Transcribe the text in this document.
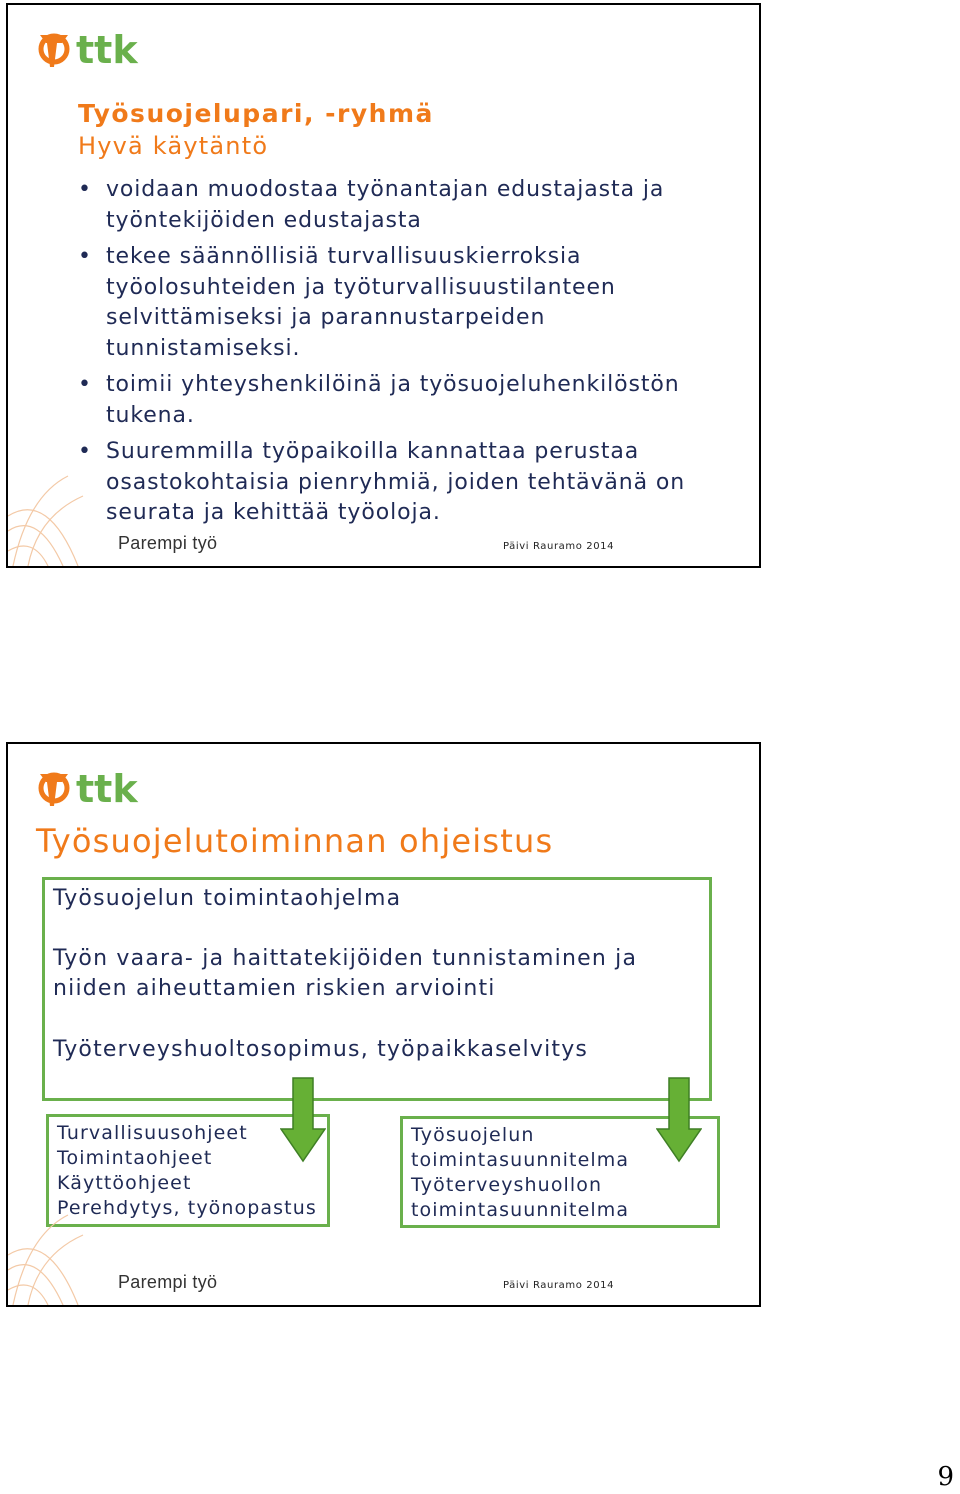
ttk
Työsuojelupari, -ryhmä
Hyvä käytäntö
• voidaan muodostaa työnantajan edustajasta ja
työntekijöiden edustajasta
• tekee säännöllisiä turvallisuuskierroksia
työolosuhteiden ja työturvallisuustilanteen
selvittämiseksi ja parannustarpeiden
tunnistamiseksi.
• toimii yhteyshenkilöinä ja työsuojeluhenkilöstön
tukena.
• Suuremmilla työpaikoilla kannattaa perustaa
osastokohtaisia pienryhmiä, joiden tehtävänä on
seurata ja kehittää työoloja.
Parempi työ	Päivi Rauramo 2014
ttk
Työsuojelutoiminnan ohjeistus
Työsuojelun toimintaohjelma
Työn vaara- ja haittatekijöiden tunnistaminen ja
niiden aiheuttamien riskien arviointi
Työterveyshuoltosopimus, työpaikkaselvitys
Turvallisuusohjeet
Toimintaohjeet
Käyttöohjeet
Perehdytys, työnopastus
Työsuojelun
toimintasuunnitelma
Työterveyshuollon
toimintasuunnitelma
Parempi työ	Päivi Rauramo 2014
9
